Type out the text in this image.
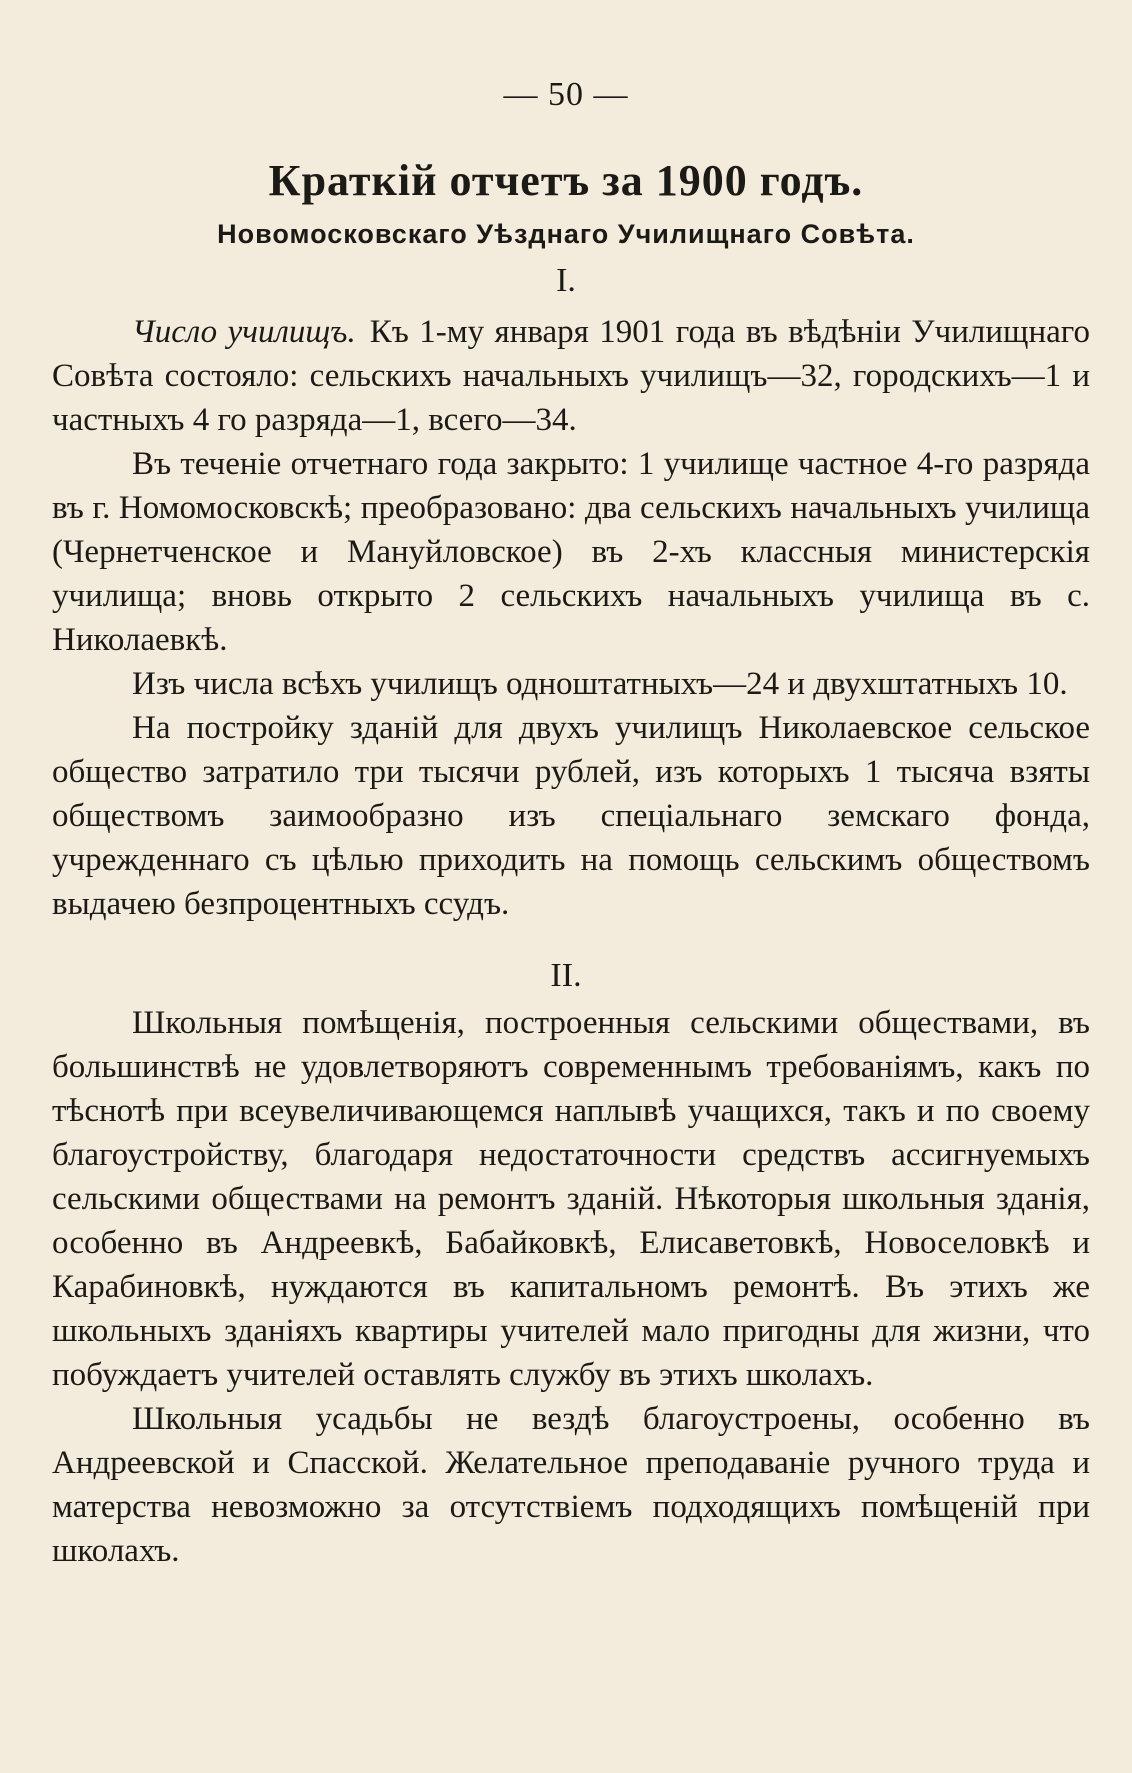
— 50 —
Краткій отчетъ за 1900 годъ.
Новомосковскаго Уѣзднаго Училищнаго Совѣта.
I.

Число училищъ. Къ 1-му января 1901 года въ вѣдѣніи Училищнаго Совѣта состояло: сельскихъ начальныхъ училищъ—32, городскихъ—1 и частныхъ 4 го разряда—1, всего—34.

Въ теченіе отчетнаго года закрыто: 1 училище частное 4-го разряда въ г. Номомосковскѣ; преобразовано: два сельскихъ начальныхъ училища (Чернетченское и Мануйловское) въ 2-хъ классныя министерскія училища; вновь открыто 2 сельскихъ начальныхъ училища въ с. Николаевкѣ.

Изъ числа всѣхъ училищъ одноштатныхъ—24 и двухштатныхъ 10.

На постройку зданій для двухъ училищъ Николаевское сельское общество затратило три тысячи рублей, изъ которыхъ 1 тысяча взяты обществомъ заимообразно изъ спеціальнаго земскаго фонда, учрежденнаго съ цѣлью приходить на помощь сельскимъ обществомъ выдачею безпроцентныхъ ссудъ.

II.

Школьныя помѣщенія, построенныя сельскими обществами, въ большинствѣ не удовлетворяютъ современнымъ требованіямъ, какъ по тѣснотѣ при всеувеличивающемся наплывѣ учащихся, такъ и по своему благоустройству, благодаря недостаточности средствъ ассигнуемыхъ сельскими обществами на ремонтъ зданій. Нѣкоторыя школьныя зданія, особенно въ Андреевкѣ, Бабайковкѣ, Елисаветовкѣ, Новоселовкѣ и Карабиновкѣ, нуждаются въ капитальномъ ремонтѣ. Въ этихъ же школьныхъ зданіяхъ квартиры учителей мало пригодны для жизни, что побуждаетъ учителей оставлять службу въ этихъ школахъ.

Школьныя усадьбы не вездѣ благоустроены, особенно въ Андреевской и Спасской. Желательное преподаваніе ручного труда и матерства невозможно за отсутствіемъ подходящихъ помѣщеній при школахъ.
